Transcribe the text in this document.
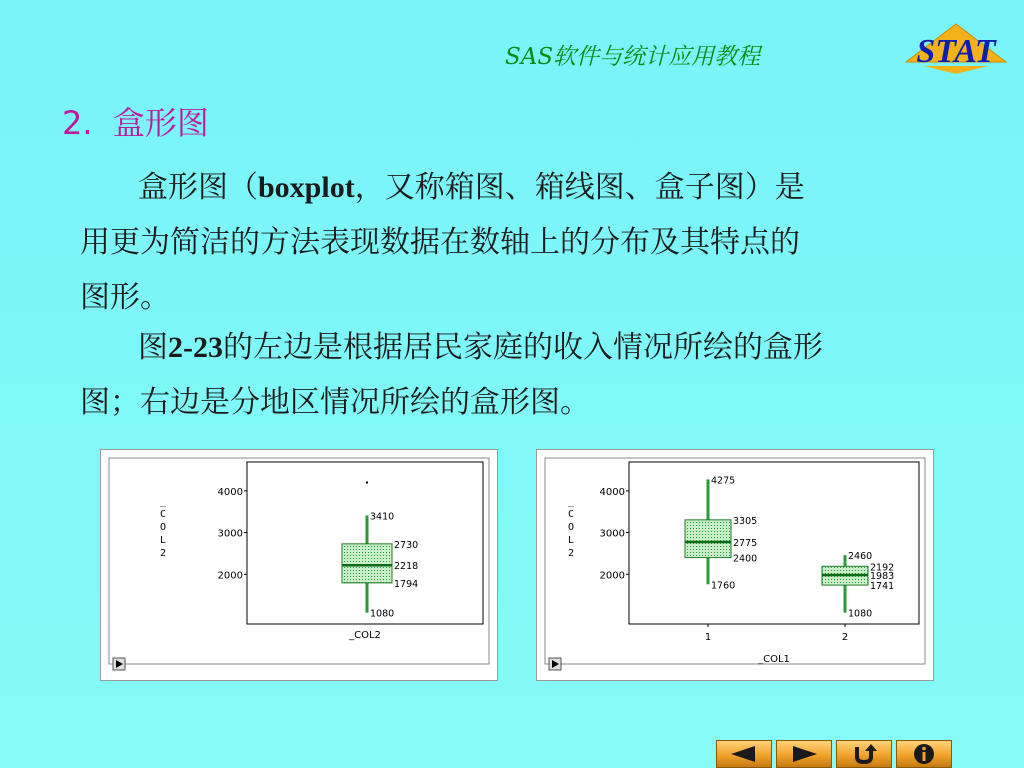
SAS软件与统计应用教程	STAT
2. 盒形图
盒形图（boxplot，又称箱图、箱线图、盒子图）是
用更为简洁的方法表现数据在数轴上的分布及其特点的
图形。
图2-23的左边是根据居民家庭的收入情况所绘的盒形
图；右边是分地区情况所绘的盒形图。
_
C
O
L
2
_COL2
2000
3000
4000
3410
2730
2218
1794
1080
_
C
O
L
2
_COL1
2000
3000
4000
4275
3305
2775
2400
1760
1
2460
2192
1983
1741
1080
2
